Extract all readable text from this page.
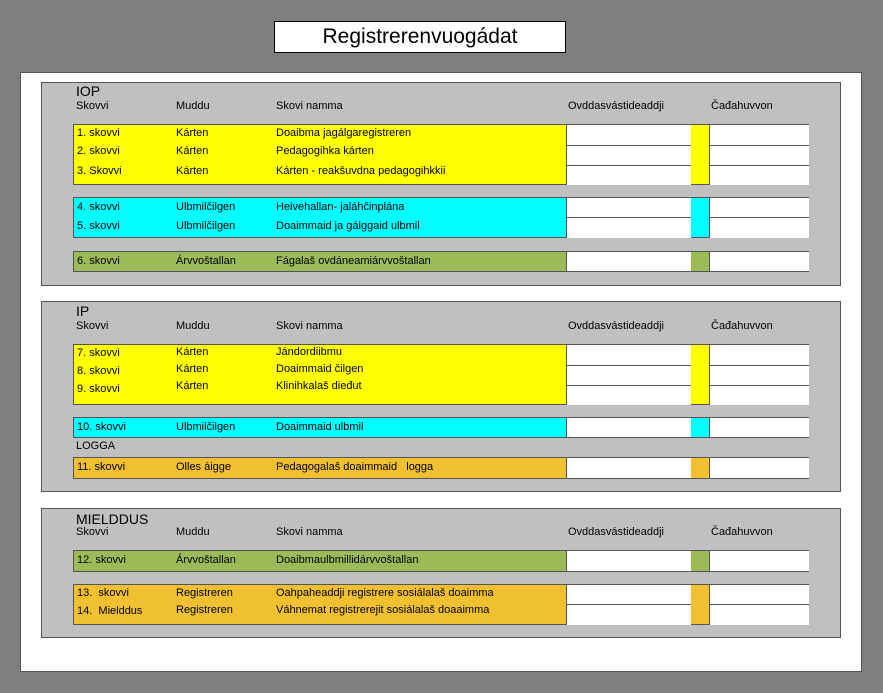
Registrerenvuogádat
IOP
Skovvi	Muddu	Skovi namma	Ovddasvástideaddji	Čađahuvvon
1. skovvi	Kárten	Doaibma jagálgaregistreren
2. skovvi	Kárten	Pedagogihka kárten
3. Skovvi	Kárten	Kárten - reakšuvdna pedagogihkkii
4. skovvi	Ulbmilčilgen	Heivehallan- jaláhčinplána
5. skovvi	Ulbmilčilgen	Doaimmaid ja gálggaid ulbmil
6. skovvi	Árvvoštallan	Fágalaš ovdáneamiárvvoštallan
IP
Skovvi	Muddu	Skovi namma	Ovddasvástideaddji	Čađahuvvon
7. skovvi	Kárten	Jándordiibmu
8. skovvi	Kárten	Doaimmaid čilgen
9. skovvi	Kárten	Klinihkalaš dieđut
10. skovvi	Ulbmilčilgen	Doaimmaid ulbmil
LOGGA
11. skovvi	Olles áigge	Pedagogalaš doaimmaid   logga
MIELDDUS
Skovvi	Muddu	Skovi namma	Ovddasvástideaddji	Čađahuvvon
12. skovvi	Árvvoštallan	Doaibmaulbmillidárvvoštallan
13.  skovvi	Registreren	Oahpaheaddji registrere sosiálalaš doaimma
14.  Mielddus	Registreren	Váhnemat registrerejit sosiálalaš doaaimma
